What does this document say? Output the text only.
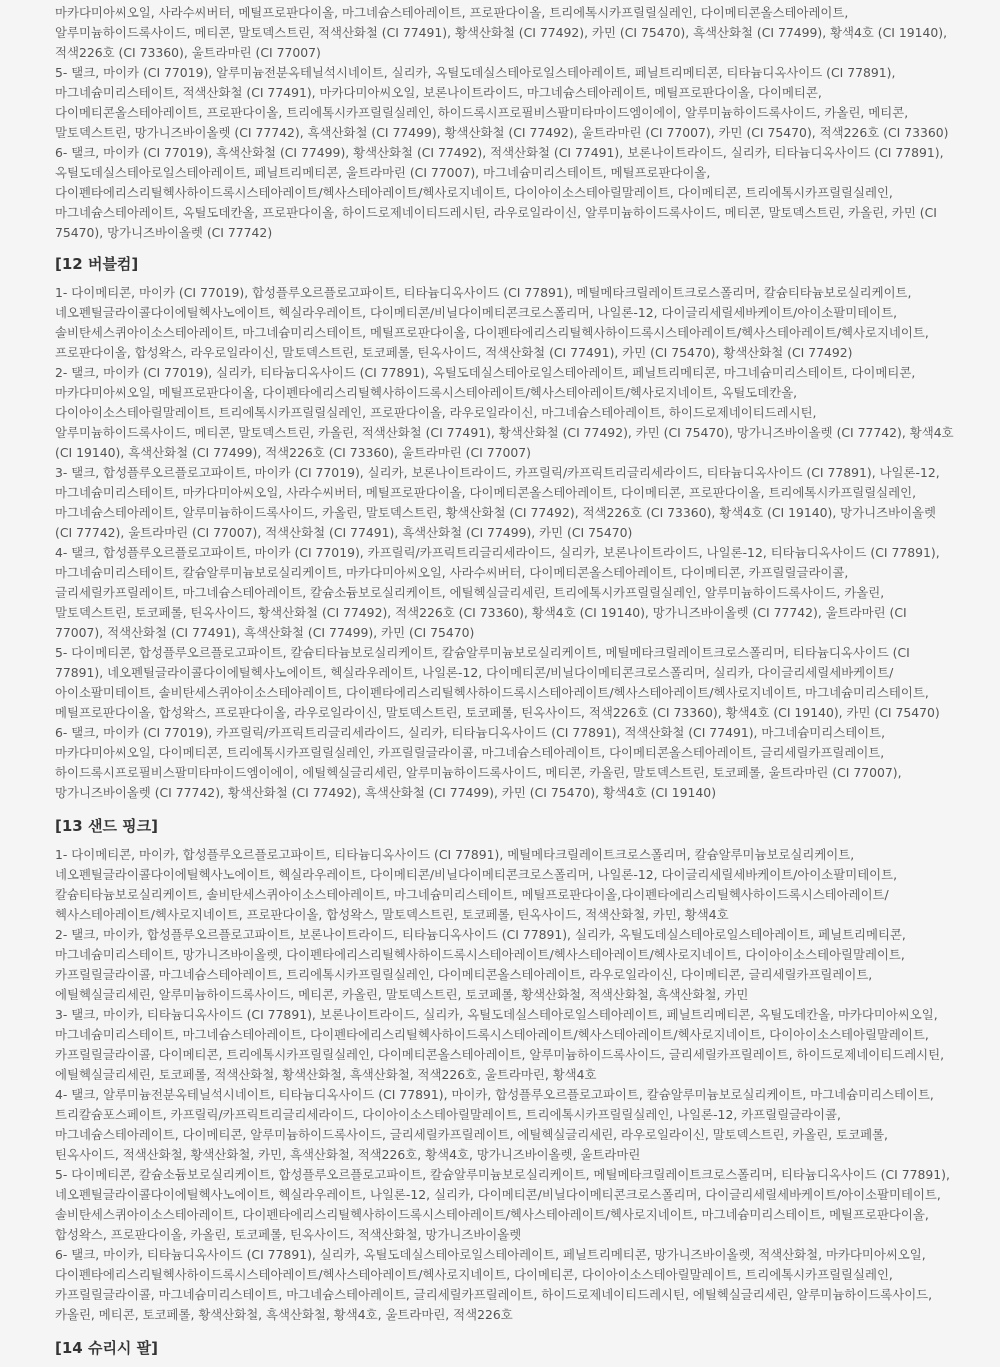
마카다미아씨오일, 사라수씨버터, 메틸프로판다이올, 마그네슘스테아레이트, 프로판다이올, 트리에톡시카프릴릴실레인, 다이메티콘올스테아레이트, 알루미늄하이드록사이드, 메티콘, 말토덱스트린, 적색산화철 (CI 77491), 황색산화철 (CI 77492), 카민 (CI 75470), 흑색산화철 (CI 77499), 황색4호 (CI 19140), 적색226호 (CI 73360), 울트라마린 (CI 77007)

5- 탤크, 마이카 (CI 77019), 알루미늄전분옥테닐석시네이트, 실리카, 옥틸도데실스테아로일스테아레이트, 페닐트리메티콘, 티타늄디옥사이드 (CI 77891), 마그네슘미리스테이트, 적색산화철 (CI 77491), 마카다미아씨오일, 보론나이트라이드, 마그네슘스테아레이트, 메틸프로판다이올, 다이메티콘, 다이메티콘올스테아레이트, 프로판다이올, 트리에톡시카프릴릴실레인, 하이드록시프로필비스팔미타마이드엠이에이, 알루미늄하이드록사이드, 카올린, 메티콘, 말토덱스트린, 망가니즈바이올렛 (CI 77742), 흑색산화철 (CI 77499), 황색산화철 (CI 77492), 울트라마린 (CI 77007), 카민 (CI 75470), 적색226호 (CI 73360)

6- 탤크, 마이카 (CI 77019), 흑색산화철 (CI 77499), 황색산화철 (CI 77492), 적색산화철 (CI 77491), 보론나이트라이드, 실리카, 티타늄디옥사이드 (CI 77891), 옥틸도데실스테아로일스테아레이트, 페닐트리메티콘, 울트라마린 (CI 77007), 마그네슘미리스테이트, 메틸프로판다이올, 다이펜타에리스리틸헥사하이드록시스테아레이트/헥사스테아레이트/헥사로지네이트, 다이아이소스테아릴말레이트, 다이메티콘, 트리에톡시카프릴릴실레인, 마그네슘스테아레이트, 옥틸도데칸올, 프로판다이올, 하이드로제네이티드레시틴, 라우로일라이신, 알루미늄하이드록사이드, 메티콘, 말토덱스트린, 카올린, 카민 (CI 75470), 망가니즈바이올렛 (CI 77742)

[12 버블컴]

1- 다이메티콘, 마이카 (CI 77019), 합성플루오르플로고파이트, 티타늄디옥사이드 (CI 77891), 메틸메타크릴레이트크로스폴리머, 칼슘티타늄보로실리케이트, 네오펜틸글라이콜다이에틸헥사노에이트, 헥실라우레이트, 다이메티콘/비닐다이메티콘크로스폴리머, 나일론-12, 다이글리세릴세바케이트/아이소팔미테이트, 솔비탄세스퀴아이소스테아레이트, 마그네슘미리스테이트, 메틸프로판다이올, 다이펜타에리스리틸헥사하이드록시스테아레이트/헥사스테아레이트/헥사로지네이트, 프로판다이올, 합성왁스, 라우로일라이신, 말토덱스트린, 토코페롤, 틴옥사이드, 적색산화철 (CI 77491), 카민 (CI 75470), 황색산화철 (CI 77492)

2- 탤크, 마이카 (CI 77019), 실리카, 티타늄디옥사이드 (CI 77891), 옥틸도데실스테아로일스테아레이트, 페닐트리메티콘, 마그네슘미리스테이트, 다이메티콘, 마카다미아씨오일, 메틸프로판다이올, 다이펜타에리스리틸헥사하이드록시스테아레이트/헥사스테아레이트/헥사로지네이트, 옥틸도데칸올, 다이아이소스테아릴말레이트, 트리에톡시카프릴릴실레인, 프로판다이올, 라우로일라이신, 마그네슘스테아레이트, 하이드로제네이티드레시틴, 알루미늄하이드록사이드, 메티콘, 말토덱스트린, 카올린, 적색산화철 (CI 77491), 황색산화철 (CI 77492), 카민 (CI 75470), 망가니즈바이올렛 (CI 77742), 황색4호 (CI 19140), 흑색산화철 (CI 77499), 적색226호 (CI 73360), 울트라마린 (CI 77007)

3- 탤크, 합성플루오르플로고파이트, 마이카 (CI 77019), 실리카, 보론나이트라이드, 카프릴릭/카프릭트리글리세라이드, 티타늄디옥사이드 (CI 77891), 나일론-12, 마그네슘미리스테이트, 마카다미아씨오일, 사라수씨버터, 메틸프로판다이올, 다이메티콘올스테아레이트, 다이메티콘, 프로판다이올, 트리에톡시카프릴릴실레인, 마그네슘스테아레이트, 알루미늄하이드록사이드, 카올린, 말토덱스트린, 황색산화철 (CI 77492), 적색226호 (CI 73360), 황색4호 (CI 19140), 망가니즈바이올렛 (CI 77742), 울트라마린 (CI 77007), 적색산화철 (CI 77491), 흑색산화철 (CI 77499), 카민 (CI 75470)

4- 탤크, 합성플루오르플로고파이트, 마이카 (CI 77019), 카프릴릭/카프릭트리글리세라이드, 실리카, 보론나이트라이드, 나일론-12, 티타늄디옥사이드 (CI 77891), 마그네슘미리스테이트, 칼슘알루미늄보로실리케이트, 마카다미아씨오일, 사라수씨버터, 다이메티콘올스테아레이트, 다이메티콘, 카프릴릴글라이콜, 글리세릴카프릴레이트, 마그네슘스테아레이트, 칼슘소듐보로실리케이트, 에틸헥실글리세린, 트리에톡시카프릴릴실레인, 알루미늄하이드록사이드, 카올린, 말토덱스트린, 토코페롤, 틴옥사이드, 황색산화철 (CI 77492), 적색226호 (CI 73360), 황색4호 (CI 19140), 망가니즈바이올렛 (CI 77742), 울트라마린 (CI 77007), 적색산화철 (CI 77491), 흑색산화철 (CI 77499), 카민 (CI 75470)

5- 다이메티콘, 합성플루오르플로고파이트, 칼슘티타늄보로실리케이트, 칼슘알루미늄보로실리케이트, 메틸메타크릴레이트크로스폴리머, 티타늄디옥사이드 (CI 77891), 네오펜틸글라이콜다이에틸헥사노에이트, 헥실라우레이트, 나일론-12, 다이메티콘/비닐다이메티콘크로스폴리머, 실리카, 다이글리세릴세바케이트/아이소팔미테이트, 솔비탄세스퀴아이소스테아레이트, 다이펜타에리스리틸헥사하이드록시스테아레이트/헥사스테아레이트/헥사로지네이트, 마그네슘미리스테이트, 메틸프로판다이올, 합성왁스, 프로판다이올, 라우로일라이신, 말토덱스트린, 토코페롤, 틴옥사이드, 적색226호 (CI 73360), 황색4호 (CI 19140), 카민 (CI 75470)

6- 탤크, 마이카 (CI 77019), 카프릴릭/카프릭트리글리세라이드, 실리카, 티타늄디옥사이드 (CI 77891), 적색산화철 (CI 77491), 마그네슘미리스테이트, 마카다미아씨오일, 다이메티콘, 트리에톡시카프릴릴실레인, 카프릴릴글라이콜, 마그네슘스테아레이트, 다이메티콘올스테아레이트, 글리세릴카프릴레이트, 하이드록시프로필비스팔미타마이드엠이에이, 에틸헥실글리세린, 알루미늄하이드록사이드, 메티콘, 카올린, 말토덱스트린, 토코페롤, 울트라마린 (CI 77007), 망가니즈바이올렛 (CI 77742), 황색산화철 (CI 77492), 흑색산화철 (CI 77499), 카민 (CI 75470), 황색4호 (CI 19140)

[13 샌드 핑크]

1- 다이메티콘, 마이카, 합성플루오르플로고파이트, 티타늄디옥사이드 (CI 77891), 메틸메타크릴레이트크로스폴리머, 칼슘알루미늄보로실리케이트, 네오펜틸글라이콜다이에틸헥사노에이트, 헥실라우레이트, 다이메티콘/비닐다이메티콘크로스폴리머, 나일론-12, 다이글리세릴세바케이트/아이소팔미테이트, 칼슘티타늄보로실리케이트, 솔비탄세스퀴아이소스테아레이트, 마그네슘미리스테이트, 메틸프로판다이올,다이펜타에리스리틸헥사하이드록시스테아레이트/헥사스테아레이트/헥사로지네이트, 프로판다이올, 합성왁스, 말토덱스트린, 토코페롤, 틴옥사이드, 적색산화철, 카민, 황색4호

2- 탤크, 마이카, 합성플루오르플로고파이트, 보론나이트라이드, 티타늄디옥사이드 (CI 77891), 실리카, 옥틸도데실스테아로일스테아레이트, 페닐트리메티콘, 마그네슘미리스테이트, 망가니즈바이올렛, 다이펜타에리스리틸헥사하이드록시스테아레이트/헥사스테아레이트/헥사로지네이트, 다이아이소스테아릴말레이트, 카프릴릴글라이콜, 마그네슘스테아레이트, 트리에톡시카프릴릴실레인, 다이메티콘올스테아레이트, 라우로일라이신, 다이메티콘, 글리세릴카프릴레이트, 에틸헥실글리세린, 알루미늄하이드록사이드, 메티콘, 카올린, 말토덱스트린, 토코페롤, 황색산화철, 적색산화철, 흑색산화철, 카민

3- 탤크, 마이카, 티타늄디옥사이드 (CI 77891), 보론나이트라이드, 실리카, 옥틸도데실스테아로일스테아레이트, 페닐트리메티콘, 옥틸도데칸올, 마카다미아씨오일, 마그네슘미리스테이트, 마그네슘스테아레이트, 다이펜타에리스리틸헥사하이드록시스테아레이트/헥사스테아레이트/헥사로지네이트, 다이아이소스테아릴말레이트, 카프릴릴글라이콜, 다이메티콘, 트리에톡시카프릴릴실레인, 다이메티콘올스테아레이트, 알루미늄하이드록사이드, 글리세릴카프릴레이트, 하이드로제네이티드레시틴, 에틸헥실글리세린, 토코페롤, 적색산화철, 황색산화철, 흑색산화철, 적색226호, 울트라마린, 황색4호

4- 탤크, 알루미늄전분옥테닐석시네이트, 티타늄디옥사이드 (CI 77891), 마이카, 합성플루오르플로고파이트, 칼슘알루미늄보로실리케이트, 마그네슘미리스테이트, 트리칼슘포스페이트, 카프릴릭/카프릭트리글리세라이드, 다이아이소스테아릴말레이트, 트리에톡시카프릴릴실레인, 나일론-12, 카프릴릴글라이콜, 마그네슘스테아레이트, 다이메티콘, 알루미늄하이드록사이드, 글리세릴카프릴레이트, 에틸헥실글리세린, 라우로일라이신, 말토덱스트린, 카올린, 토코페롤, 틴옥사이드, 적색산화철, 황색산화철, 카민, 흑색산화철, 적색226호, 황색4호, 망가니즈바이올렛, 울트라마린

5- 다이메티콘, 칼슘소듐보로실리케이트, 합성플루오르플로고파이트, 칼슘알루미늄보로실리케이트, 메틸메타크릴레이트크로스폴리머, 티타늄디옥사이드 (CI 77891), 네오펜틸글라이콜다이에틸헥사노에이트, 헥실라우레이트, 나일론-12, 실리카, 다이메티콘/비닐다이메티콘크로스폴리머, 다이글리세릴세바케이트/아이소팔미테이트, 솔비탄세스퀴아이소스테아레이트, 다이펜타에리스리틸헥사하이드록시스테아레이트/헥사스테아레이트/헥사로지네이트, 마그네슘미리스테이트, 메틸프로판다이올, 합성왁스, 프로판다이올, 카올린, 토코페롤, 틴옥사이드, 적색산화철, 망가니즈바이올렛

6- 탤크, 마이카, 티타늄디옥사이드 (CI 77891), 실리카, 옥틸도데실스테아로일스테아레이트, 페닐트리메티콘, 망가니즈바이올렛, 적색산화철, 마카다미아씨오일, 다이펜타에리스리틸헥사하이드록시스테아레이트/헥사스테아레이트/헥사로지네이트, 다이메티콘, 다이아이소스테아릴말레이트, 트리에톡시카프릴릴실레인, 카프릴릴글라이콜, 마그네슘미리스테이트, 마그네슘스테아레이트, 글리세릴카프릴레이트, 하이드로제네이티드레시틴, 에틸헥실글리세린, 알루미늄하이드록사이드, 카올린, 메티콘, 토코페롤, 황색산화철, 흑색산화철, 황색4호, 울트라마린, 적색226호

[14 슈리시 팔]
